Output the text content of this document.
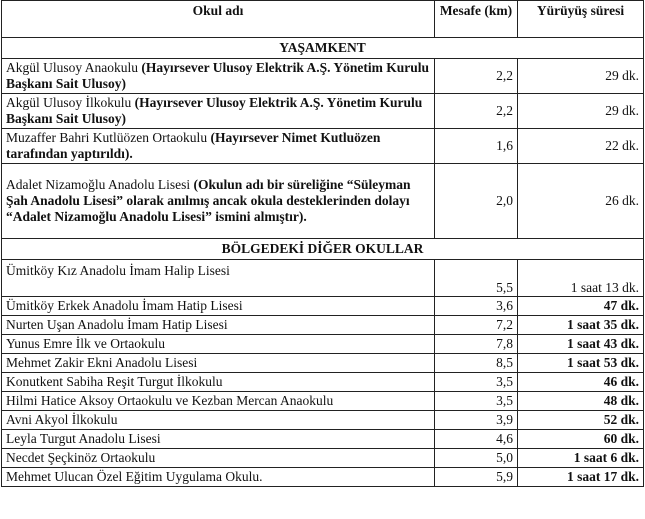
Okul adı	Mesafe (km)	Yürüyüş süresi
YAŞAMKENT		
Akgül Ulusoy Anaokulu (Hayırsever Ulusoy Elektrik A.Ş. Yönetim Kurulu Başkanı Sait Ulusoy)	2,2	29 dk.
Akgül Ulusoy İlkokulu (Hayırsever Ulusoy Elektrik A.Ş. Yönetim Kurulu Başkanı Sait Ulusoy)	2,2	29 dk.
Muzaffer Bahri Kutlüözen Ortaokulu (Hayırsever Nimet Kutluözen tarafından yaptırıldı).	1,6	22 dk.
Adalet Nizamoğlu Anadolu Lisesi (Okulun adı bir süreliğine “Süleyman Şah Anadolu Lisesi” olarak anılmış ancak okula desteklerinden dolayı “Adalet Nizamoğlu Anadolu Lisesi” ismini almıştır).	2,0	26 dk.
BÖLGEDEKİ DİĞER OKULLAR		
Ümitköy Kız Anadolu İmam Halip Lisesi	5,5	1 saat 13 dk.
Ümitköy Erkek Anadolu İmam Hatip Lisesi	3,6	47 dk.
Nurten Uşan Anadolu İmam Hatip Lisesi	7,2	1 saat 35 dk.
Yunus Emre İlk ve Ortaokulu	7,8	1 saat 43 dk.
Mehmet Zakir Ekni Anadolu Lisesi	8,5	1 saat 53 dk.
Konutkent Sabiha Reşit Turgut İlkokulu	3,5	46 dk.
Hilmi Hatice Aksoy Ortaokulu ve Kezban Mercan Anaokulu	3,5	48 dk.
Avni Akyol İlkokulu	3,9	52 dk.
Leyla Turgut Anadolu Lisesi	4,6	60 dk.
Necdet Şeçkinöz Ortaokulu	5,0	1 saat 6 dk.
Mehmet Ulucan Özel Eğitim Uygulama Okulu.	5,9	1 saat 17 dk.
